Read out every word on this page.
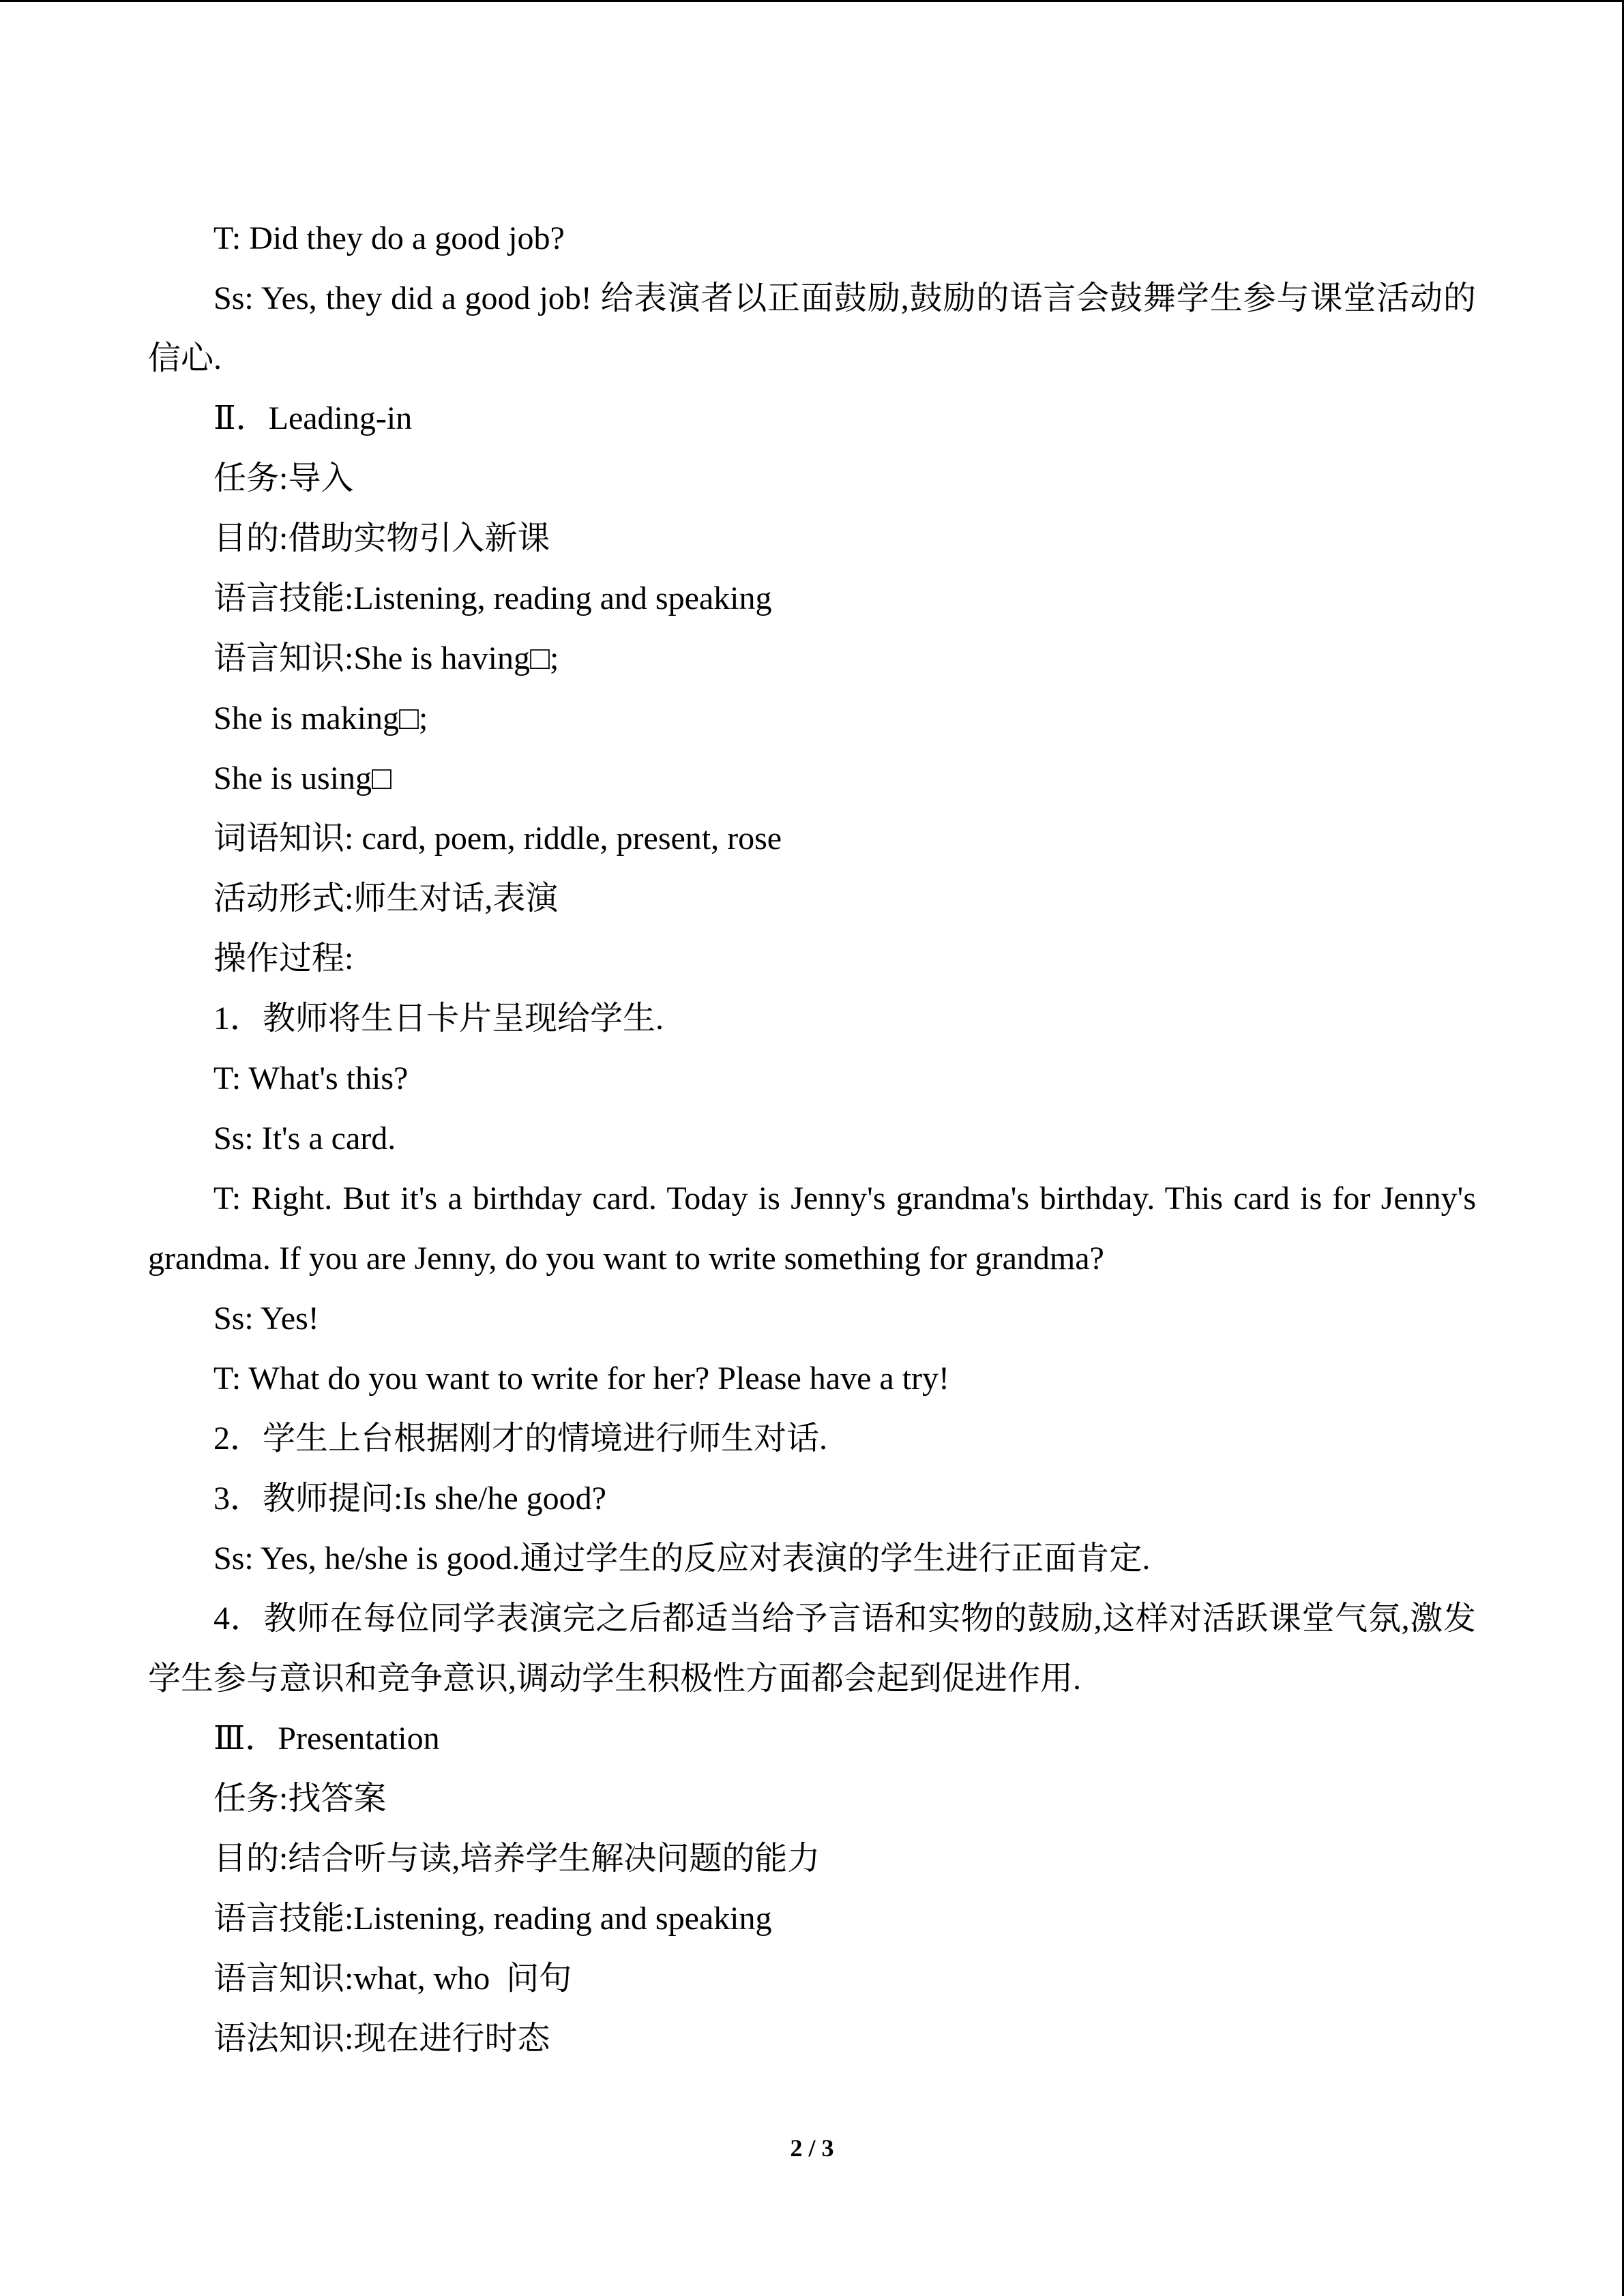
T: Did they do a good job?

Ss: Yes, they did a good job! 给表演者以正面鼓励,鼓励的语言会鼓舞学生参与课堂活动的

信心.

Ⅱ．Leading-in

任务:导入

目的:借助实物引入新课

语言技能:Listening, reading and speaking

语言知识:She is having□;

She is making□;

She is using□

词语知识: card, poem, riddle, present, rose

活动形式:师生对话,表演

操作过程:

1．教师将生日卡片呈现给学生.

T: What's this?

Ss: It's a card.

T: Right. But it's a birthday card. Today is Jenny's grandma's birthday. This card is for Jenny's

grandma. If you are Jenny, do you want to write something for grandma?

Ss: Yes!

T: What do you want to write for her? Please have a try!

2．学生上台根据刚才的情境进行师生对话.

3．教师提问:Is she/he good?

Ss: Yes, he/she is good.通过学生的反应对表演的学生进行正面肯定.

4．教师在每位同学表演完之后都适当给予言语和实物的鼓励,这样对活跃课堂气氛,激发

学生参与意识和竞争意识,调动学生积极性方面都会起到促进作用.

Ⅲ．Presentation

任务:找答案

目的:结合听与读,培养学生解决问题的能力

语言技能:Listening, reading and speaking

语言知识:what, who  问句

语法知识:现在进行时态

2 / 3
